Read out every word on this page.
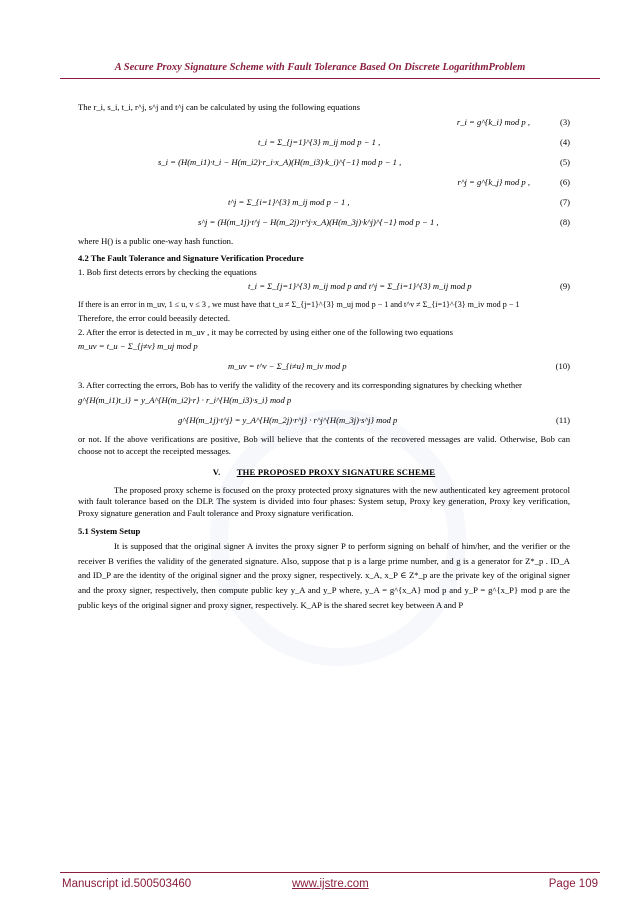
A Secure Proxy Signature Scheme with Fault Tolerance Based On Discrete LogarithmProblem
The r_i, s_i, t_i, r^j, s^j and t^j can be calculated by using the following equations
r_i = g^{k_i} mod p ,	(3)
t_i = Σ_{j=1}^{3} m_ij mod p − 1 ,	(4)
s_i = (H(m_i1)·t_i − H(m_i2)·r_i·x_A)(H(m_i3)·k_i)^{−1} mod p − 1 ,	(5)
r^j = g^{k_j} mod p ,	(6)
t^j = Σ_{i=1}^{3} m_ij mod p − 1 ,	(7)
s^j = (H(m_1j)·t^j − H(m_2j)·r^j·x_A)(H(m_3j)·k^j)^{−1} mod p − 1 ,	(8)
where H() is a public one-way hash function.
4.2 The Fault Tolerance and Signature Verification Procedure
1. Bob first detects errors by checking the equations
t_i = Σ_{j=1}^{3} m_ij mod p and t^j = Σ_{i=1}^{3} m_ij mod p	(9)
If there is an error in m_uv, 1 ≤ u, v ≤ 3 , we must have that t_u ≠ Σ_{j=1}^{3} m_uj mod p − 1 and t^v ≠ Σ_{i=1}^{3} m_iv mod p − 1
Therefore, the error could beeasily detected.
2. After the error is detected in m_uv , it may be corrected by using either one of the following two equations
m_uv = t_u − Σ_{j≠v} m_uj mod p
m_uv = t^v − Σ_{i≠u} m_iv mod p	(10)
3. After correcting the errors, Bob has to verify the validity of the recovery and its corresponding signatures by checking whether
g^{H(m_i1)t_i} = y_A^{H(m_i2)·r} · r_i^{H(m_i3)·s_i} mod p
g^{H(m_1j)·t^j} = y_A^{H(m_2j)·r^j} · r^j^{H(m_3j)·s^j} mod p	(11)
or not. If the above verifications are positive, Bob will believe that the contents of the recovered messages are valid. Otherwise, Bob can choose not to accept the receipted messages.
V. THE PROPOSED PROXY SIGNATURE SCHEME
The proposed proxy scheme is focused on the proxy protected proxy signatures with the new authenticated key agreement protocol with fault tolerance based on the DLP. The system is divided into four phases: System setup, Proxy key generation, Proxy key verification, Proxy signature generation and Fault tolerance and Proxy signature verification.
5.1 System Setup
It is supposed that the original signer A invites the proxy signer P to perform signing on behalf of him/her, and the verifier or the receiver B verifies the validity of the generated signature. Also, suppose that p is a large prime number, and g is a generator for Z*_p . ID_A and ID_P are the identity of the original signer and the proxy signer, respectively. x_A, x_P ∈ Z*_p are the private key of the original signer and the proxy signer, respectively, then compute public key y_A and y_P where, y_A = g^{x_A} mod p and y_P = g^{x_P} mod p are the public keys of the original signer and proxy signer, respectively. K_AP is the shared secret key between A and P
Manuscript id.500503460	www.ijstre.com	Page 109
